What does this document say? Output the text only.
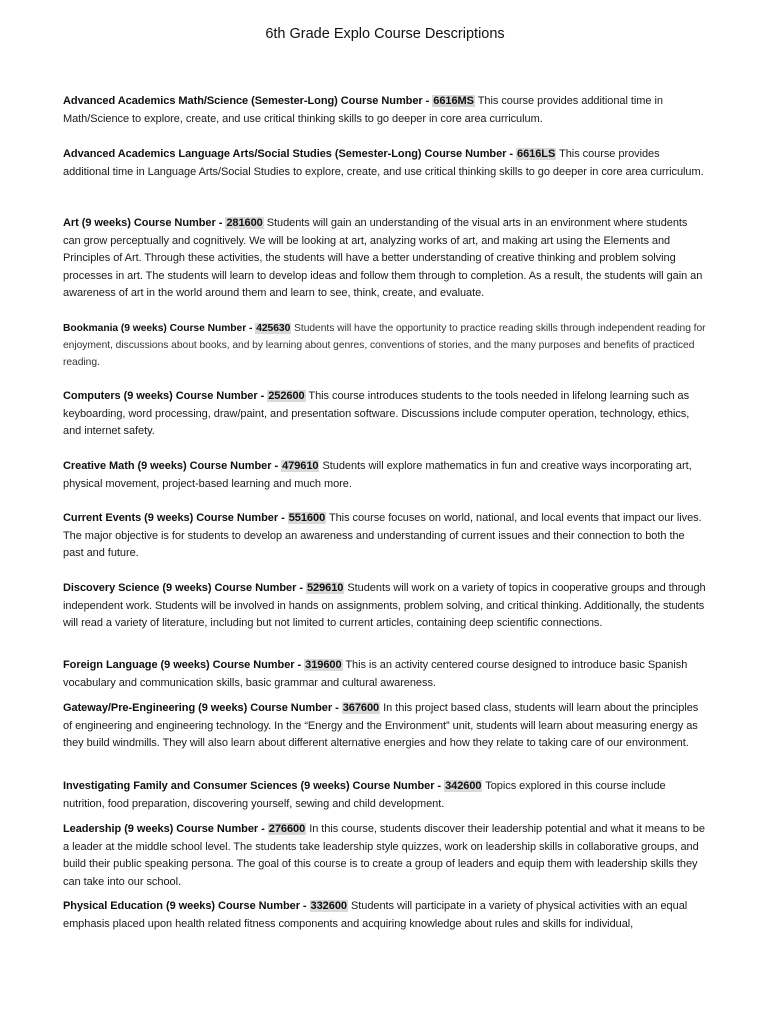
6th Grade Explo Course Descriptions

Advanced Academics Math/Science (Semester-Long) Course Number - 6616MS This course provides additional time in Math/Science to explore, create, and use critical thinking skills to go deeper in core area curriculum.

Advanced Academics Language Arts/Social Studies (Semester-Long) Course Number - 6616LS This course provides additional time in Language Arts/Social Studies to explore, create, and use critical thinking skills to go deeper in core area curriculum.

Art (9 weeks) Course Number - 281600 Students will gain an understanding of the visual arts in an environment where students can grow perceptually and cognitively. We will be looking at art, analyzing works of art, and making art using the Elements and Principles of Art. Through these activities, the students will have a better understanding of creative thinking and problem solving processes in art. The students will learn to develop ideas and follow them through to completion. As a result, the students will gain an awareness of art in the world around them and learn to see, think, create, and evaluate.

Bookmania (9 weeks) Course Number - 425630 Students will have the opportunity to practice reading skills through independent reading for enjoyment, discussions about books, and by learning about genres, conventions of stories, and the many purposes and benefits of practiced reading.

Computers (9 weeks) Course Number - 252600 This course introduces students to the tools needed in lifelong learning such as keyboarding, word processing, draw/paint, and presentation software. Discussions include computer operation, technology, ethics, and internet safety.

Creative Math (9 weeks) Course Number - 479610 Students will explore mathematics in fun and creative ways incorporating art, physical movement, project-based learning and much more.

Current Events (9 weeks) Course Number - 551600 This course focuses on world, national, and local events that impact our lives. The major objective is for students to develop an awareness and understanding of current issues and their connection to both the past and future.

Discovery Science (9 weeks) Course Number - 529610 Students will work on a variety of topics in cooperative groups and through independent work. Students will be involved in hands on assignments, problem solving, and critical thinking. Additionally, the students will read a variety of literature, including but not limited to current articles, containing deep scientific connections.

Foreign Language (9 weeks) Course Number - 319600 This is an activity centered course designed to introduce basic Spanish vocabulary and communication skills, basic grammar and cultural awareness.

Gateway/Pre-Engineering (9 weeks) Course Number - 367600 In this project based class, students will learn about the principles of engineering and engineering technology. In the “Energy and the Environment” unit, students will learn about measuring energy as they build windmills. They will also learn about different alternative energies and how they relate to taking care of our environment.

Investigating Family and Consumer Sciences (9 weeks) Course Number - 342600 Topics explored in this course include nutrition, food preparation, discovering yourself, sewing and child development.

Leadership (9 weeks) Course Number - 276600 In this course, students discover their leadership potential and what it means to be a leader at the middle school level. The students take leadership style quizzes, work on leadership skills in collaborative groups, and build their public speaking persona. The goal of this course is to create a group of leaders and equip them with leadership skills they can take into our school.

Physical Education (9 weeks) Course Number - 332600 Students will participate in a variety of physical activities with an equal emphasis placed upon health related fitness components and acquiring knowledge about rules and skills for individual,
